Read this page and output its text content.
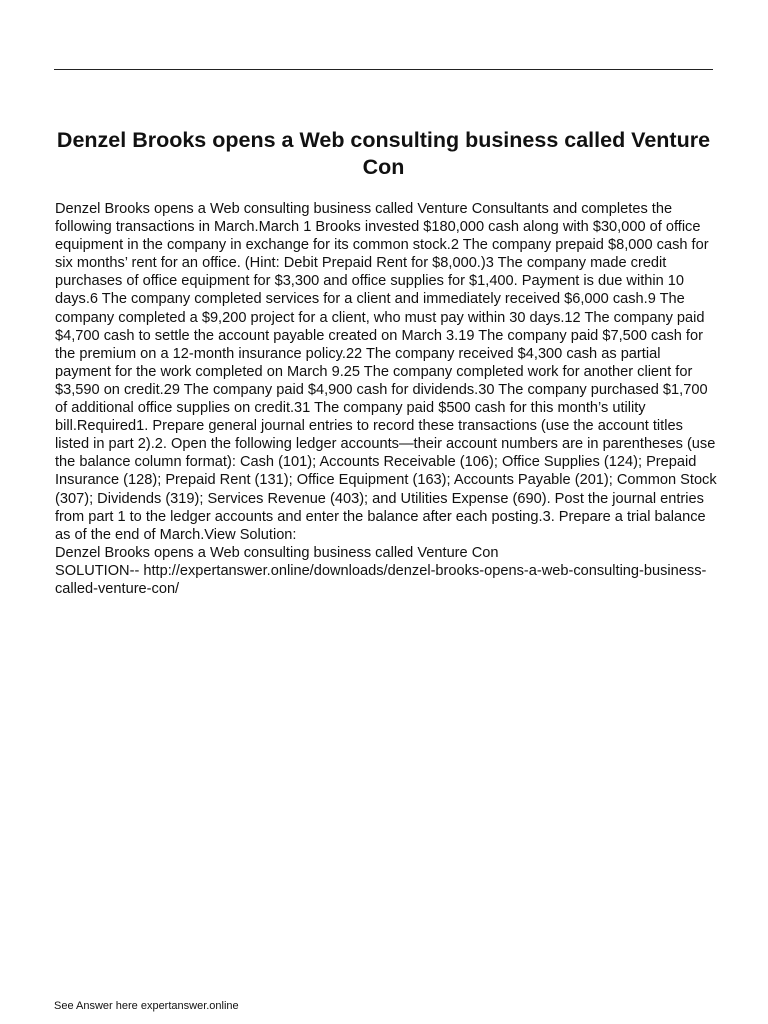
Denzel Brooks opens a Web consulting business called Venture Con

Denzel Brooks opens a Web consulting business called Venture Consultants and completes the following transactions in March.March 1 Brooks invested $180,000 cash along with $30,000 of office equipment in the company in exchange for its common stock.2 The company prepaid $8,000 cash for six months’ rent for an office. (Hint: Debit Prepaid Rent for $8,000.)3 The company made credit purchases of office equipment for $3,300 and office supplies for $1,400. Payment is due within 10 days.6 The company completed services for a client and immediately received $6,000 cash.9 The company completed a $9,200 project for a client, who must pay within 30 days.12 The company paid $4,700 cash to settle the account payable created on March 3.19 The company paid $7,500 cash for the premium on a 12-month insurance policy.22 The company received $4,300 cash as partial payment for the work completed on March 9.25 The company completed work for another client for $3,590 on credit.29 The company paid $4,900 cash for dividends.30 The company purchased $1,700 of additional office supplies on credit.31 The company paid $500 cash for this month’s utility bill.Required1. Prepare general journal entries to record these transactions (use the account titles listed in part 2).2. Open the following ledger accounts—their account numbers are in parentheses (use the balance column format): Cash (101); Accounts Receivable (106); Office Supplies (124); Prepaid Insurance (128); Prepaid Rent (131); Office Equipment (163); Accounts Payable (201); Common Stock (307); Dividends (319); Services Revenue (403); and Utilities Expense (690). Post the journal entries from part 1 to the ledger accounts and enter the balance after each posting.3. Prepare a trial balance as of the end of March.View Solution:

Denzel Brooks opens a Web consulting business called Venture Con

SOLUTION-- http://expertanswer.online/downloads/denzel-brooks-opens-a-web-consulting-business-called-venture-con/

See Answer here expertanswer.online
